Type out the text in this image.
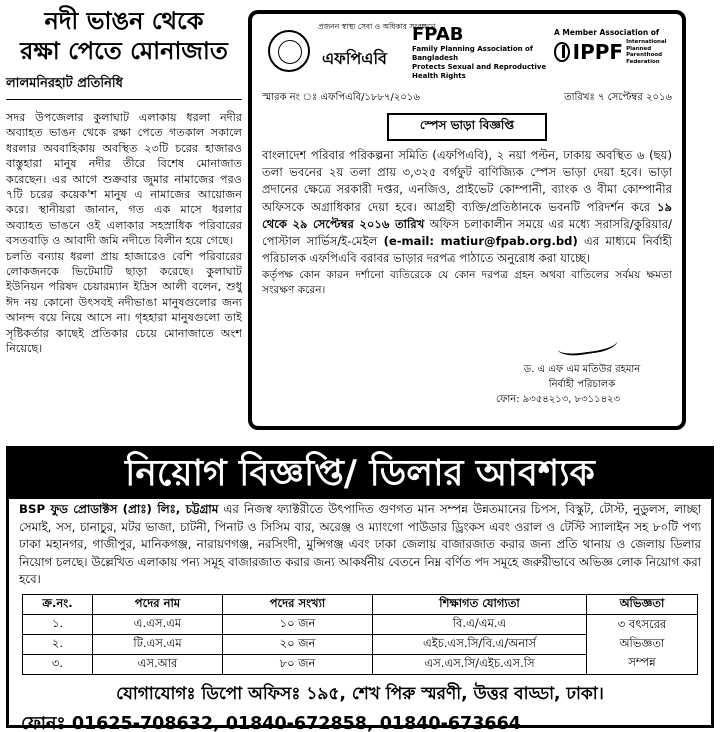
নদী ভাঙন থেকে
রক্ষা পেতে মোনাজাত
লালমনিরহাট প্রতিনিধি

সদর উপজেলার কুলাঘাট এলাকায় ধরলা নদীর অব্যাহত ভাঙন থেকে রক্ষা পেতে গতকাল সকালে ধরলার অববাহিকায় অবস্থিত ২৩টি চরের হাজারও বাস্তুহারা মানুষ নদীর তীরে বিশেষ মোনাজাত করেছেন। এর আগে শুক্রবার জুমার নামাজের পরও ৭টি চরের কয়েক'শ মানুষ এ নামাজের আয়োজন করে। স্থানীয়রা জানান, গত এক মাসে ধরলার অব্যাহত ভাঙনে ওই এলাকার সহস্রাধিক পরিবারের বসতবাড়ি ও আবাদী জমি নদীতে বিলীন হয়ে গেছে।

চলতি বন্যায় ধরলা প্রায় হাজারেও বেশি পরিবারের লোকজনকে ভিটেমাটি ছাড়া করেছে। কুলাঘাট ইউনিয়ন পরিষদ চেয়ারম্যান ইদ্রিস আলী বলেন, শুধু ঈদ নয় কোনো উৎসবই নদীভাঙা মানুষগুলোর জন্য আনন্দ বয়ে নিয়ে আসে না। গৃহহারা মানুষগুলো তাই সৃষ্টিকর্তার কাছেই প্রতিকার চেয়ে মোনাজাতে অংশ নিয়েছে।

প্রজনন স্বাস্থ্য সেবা ও অধিকার সংরক্ষণে
এফপিএবি
FPAB
Family Planning Association of Bangladesh
Protects Sexual and Reproductive Health Rights
A Member Association of
IPPF International
Planned Parenthood
Federation
স্মারক নং ঃ এফপিএবি/১৮৮৭/২০১৬	তারিখঃ ৭ সেপ্টেম্বর ২০১৬
স্পেস ভাড়া বিজ্ঞপ্তি
বাংলাদেশ পরিবার পরিকল্পনা সমিতি (এফপিএবি), ২ নয়া পল্টন, ঢাকায় অবস্থিত ৬ (ছয়) তলা ভবনের ২য় তলা প্রায় ৩,৩২৫ বর্গফুট বাণিজ্যিক স্পেস ভাড়া দেয়া হবে। ভাড়া প্রদানের ক্ষেত্রে সরকারী দপ্তর, এনজিও, প্রাইভেট কোম্পানী, ব্যাংক ও বীমা কোম্পানীর অফিসকে অগ্রাধিকার দেয়া হবে। আগ্রহী ব্যক্তি/প্রতিষ্ঠানকে ভবনটি পরিদর্শন করে ১৯ থেকে ২৯ সেপ্টেম্বর ২০১৬ তারিখ অফিস চলাকালীন সময়ে এর মধ্যে সরাসরি/কুরিয়ার/পোস্টাল সার্ভিস/ই-মেইল (e-mail: matiur@fpab.org.bd) এর মাধ্যমে নির্বাহী পরিচালক এফপিএবি বরাবর ভাড়ার দরপত্র পাঠাতে অনুরোধ করা যাচ্ছে।
কর্তৃপক্ষ কোন কারন দর্শানো ব্যতিরেকে যে কোন দরপত্র গ্রহন অথবা বাতিলের সর্বময় ক্ষমতা সংরক্ষণ করেন।
ড. এ এফ এম মতিউর রহমান
নির্বাহী পরিচালক
ফোন: ৯৩৫৪২১৩, ৮৩১১৪২৩
নিয়োগ বিজ্ঞপ্তি/ ডিলার আবশ্যক
BSP ফুড প্রোডাক্টস (প্রাঃ) লিঃ, চট্টগ্রাম এর নিজস্ব ফ্যাক্টরীতে উৎপাদিত গুণগত মান সম্পন্ন উন্নতমানের চিপস, বিস্কুট, টোস্ট, নুডুলস, লাচ্ছা সেমাই, সস, চানাচুর, মটর ভাজা, চাটনী, পিনাট ও সিসিম বার, অরেঞ্জ ও ম্যাংগো পাউডার ড্রিংকস এবং ওরাল ও টেস্টি স্যালাইন সহ ৮০টি পণ্য ঢাকা মহানগর, গাজীপুর, মানিকগঞ্জ, নারায়ণগঞ্জ, নরসিংদী, মুন্সিগঞ্জ এবং ঢাকা জেলায় বাজারজাত করার জন্য প্রতি থানায় ও জেলায় ডিলার নিয়োগ চলছে। উল্লেখিত এলাকায় পন্য সমূহ বাজারজাত করার জন্য আকর্ষনীয় বেতনে নিম্ন বর্ণিত পদ সমূহে জরুরীভাবে অভিজ্ঞ লোক নিয়োগ করা হবে।
ক্র.নং.	পদের নাম	পদের সংখ্যা	শিক্ষাগত যোগ্যতা	অভিজ্ঞতা
১.	এ.এস.এম	১০ জন	বি.এ/এম.এ	৩ বৎসরের
অভিজ্ঞতা
সম্পন্ন

২.	টি.এস.এম	২০ জন	এইচ.এস.সি/বি.এ/অনার্স	
৩.	এস.আর	৮০ জন	এস.এস.সি/এইচ.এস.সি	
যোগাযোগঃ ডিপো অফিসঃ ১৯৫, শেখ পিরু স্মরণী, উত্তর বাড্ডা, ঢাকা।
ফোনঃ 01625-708632, 01840-672858, 01840-673664
